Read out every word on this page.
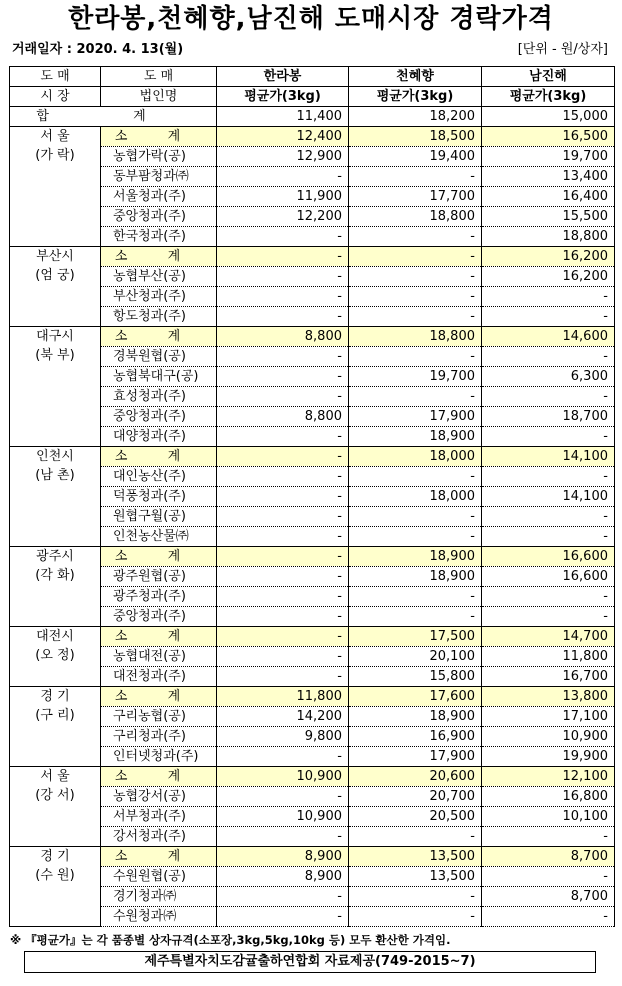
한라봉,천혜향,남진해 도매시장 경락가격
거래일자 : 2020. 4. 13(월)	[단위 - 원/상자]
도 매	도 매	한라봉	천혜향	남진해
시 장	법인명	평균가(3kg)	평균가(3kg)	평균가(3kg)
합 계		11,400	18,200	15,000

서 울
(가 락)	소 계	12,400	18,500	16,500
	농협가락(공)	12,900	19,400	19,700
	동부팜청과㈜	-	-	13,400
	서울청과(주)	11,900	17,700	16,400
	중앙청과(주)	12,200	18,800	15,500
	한국청과(주)	-	-	18,800

부산시
(엄 궁)	소 계	-	-	16,200
	농협부산(공)	-	-	16,200
	부산청과(주)	-	-	-
	항도청과(주)	-	-	-

대구시
(북 부)	소 계	8,800	18,800	14,600
	경북원협(공)	-	-	-
	농협북대구(공)	-	19,700	6,300
	효성청과(주)	-	-	-
	중앙청과(주)	8,800	17,900	18,700
	대양청과(주)	-	18,900	-

인천시
(남 촌)	소 계	-	18,000	14,100
	대인농산(주)	-	-	-
	덕풍청과(주)	-	18,000	14,100
	원협구월(공)	-	-	-
	인천농산물㈜	-	-	-

광주시
(각 화)	소 계	-	18,900	16,600
	광주원협(공)	-	18,900	16,600
	광주청과(주)	-	-	-
	중앙청과(주)	-	-	-

대전시
(오 정)	소 계	-	17,500	14,700
	농협대전(공)	-	20,100	11,800
	대전청과(주)	-	15,800	16,700

경 기
(구 리)	소 계	11,800	17,600	13,800
	구리농협(공)	14,200	18,900	17,100
	구리청과(주)	9,800	16,900	10,900
	인터넷청과(주)	-	17,900	19,900

서 울
(강 서)	소 계	10,900	20,600	12,100
	농협강서(공)	-	20,700	16,800
	서부청과(주)	10,900	20,500	10,100
	강서청과(주)	-	-	-

경 기
(수 원)	소 계	8,900	13,500	8,700
	수원원협(공)	8,900	13,500	-
	경기청과㈜	-	-	8,700
	수원청과㈜	-	-	-
※ 『평균가』는 각 품종별 상자규격(소포장,3kg,5kg,10kg 등) 모두 환산한 가격임.
제주특별자치도감귤출하연합회 자료제공(749-2015~7)
